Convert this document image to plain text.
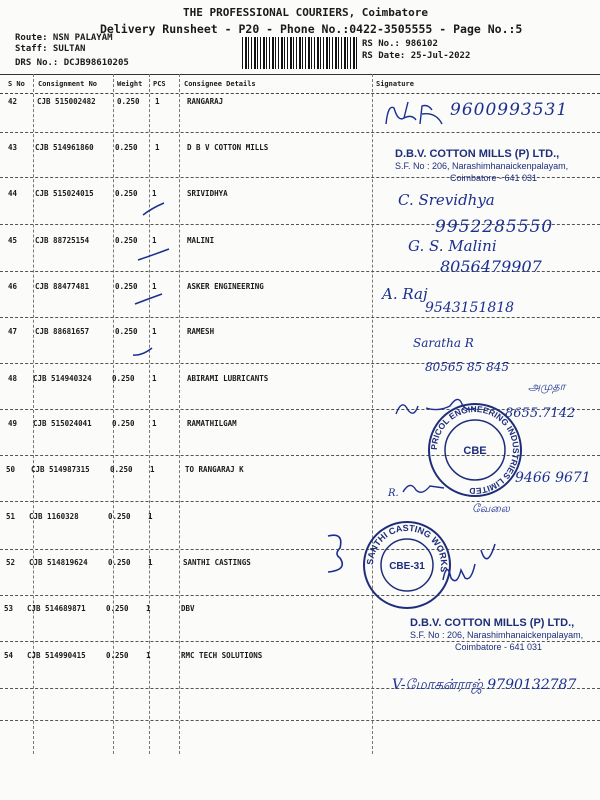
THE PROFESSIONAL COURIERS, Coimbatore
Delivery Runsheet - P20 - Phone No.:0422-3505555 - Page No.:5
Route: NSN PALAYAM
Staff: SULTAN
DRS No.: DCJB98610205
RS No.: 986102
RS Date: 25-Jul-2022
S No Consignment No	Weight PCS	Consignee Details	Signature
42	CJB 515002482	0.250 1	RANGARAJ
43 CJB 514961860	0.250 1	D B V COTTON MILLS
44 CJB 515024015	0.250 1	SRIVIDHYA
45 CJB 88725154	0.250 1	MALINI
46 CJB 88477481	0.250 1	ASKER ENGINEERING
47 CJB 88681657	0.250 1	RAMESH
48 CJB 514940324	0.250 1	ABIRAMI LUBRICANTS
49 CJB 515024041	0.250 1	RAMATHILGAM
50 CJB 514987315	0.250 1	TO RANGARAJ K
51 CJB 1160328	0.250 1
52 CJB 514819624	0.250 1	SANTHI CASTINGS
53 CJB 514689871	0.250 1	DBV
54 CJB 514990415	0.250 1	RMC TECH SOLUTIONS
9600993531
D.B.V. COTTON MILLS (P) LTD.,
S.F. No : 206, Narashimhanaickenpalayam,
Coimbatore - 641 031
C. Srevidhya
9952285550
G. S. Malini
8056479907
A. Raj
9543151818
Saratha R
80565 85 845
அமுதா
8655.7142
PRICOL ENGINEERING INDUSTRIES LIMITED
CBE
R.
9466 9671
வேலை
SANTHI CASTING WORKS
CBE-31
D.B.V. COTTON MILLS (P) LTD.,
S.F. No : 206, Narashimhanaickenpalayam,
Coimbatore - 641 031
V-மோகன்ராஜ் 9790132787
